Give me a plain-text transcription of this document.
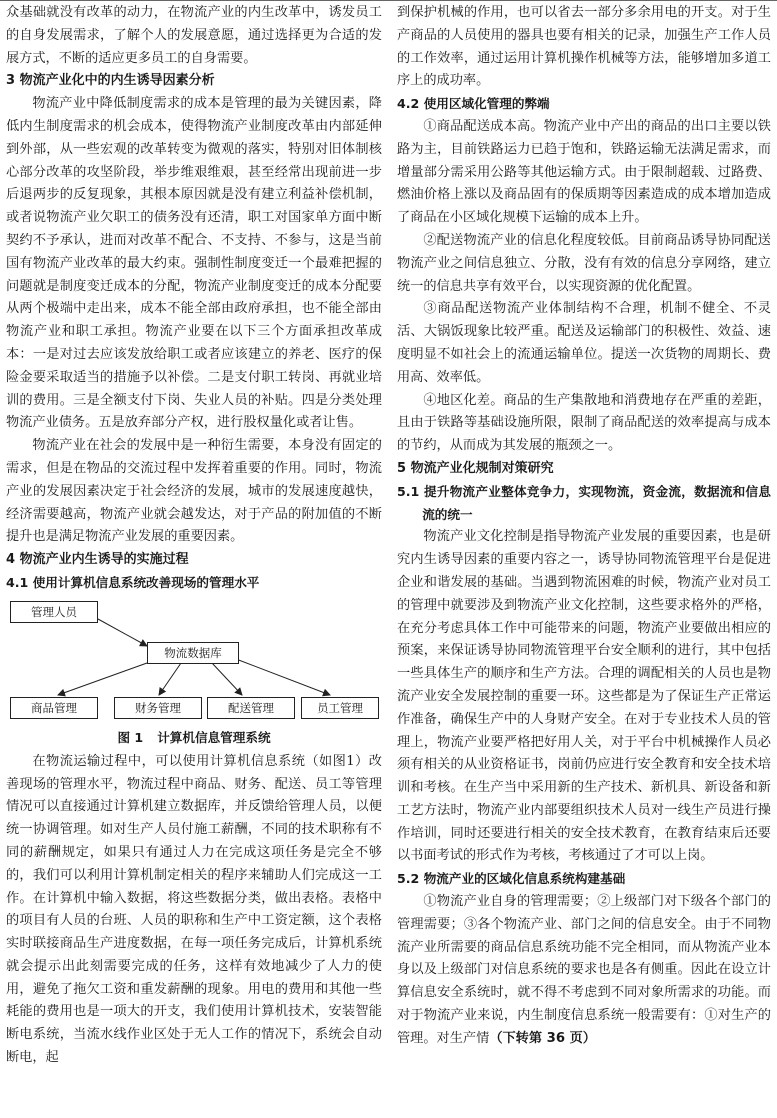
众基础就没有改革的动力，在物流产业的内生改革中，诱发员工的自身发展需求，了解个人的发展意愿，通过选择更为合适的发展方式，不断的适应更多员工的自身需要。

3 物流产业化中的内生诱导因素分析

物流产业中降低制度需求的成本是管理的最为关键因素，降低内生制度需求的机会成本，使得物流产业制度改革由内部延伸到外部，从一些宏观的改革转变为微观的落实，特别对旧体制核心部分改革的攻坚阶段，举步维艰维艰，甚至经常出现前进一步后退两步的反复现象，其根本原因就是没有建立利益补偿机制，或者说物流产业欠职工的债务没有还清，职工对国家单方面中断契约不予承认，进而对改革不配合、不支持、不参与，这是当前国有物流产业改革的最大约束。强制性制度变迁一个最难把握的问题就是制度变迁成本的分配，物流产业制度变迁的成本分配要从两个极端中走出来，成本不能全部由政府承担，也不能全部由物流产业和职工承担。物流产业要在以下三个方面承担改革成本：一是对过去应该发放给职工或者应该建立的养老、医疗的保险金要采取适当的措施予以补偿。二是支付职工转岗、再就业培训的费用。三是全额支付下岗、失业人员的补贴。四是分类处理物流产业债务。五是放弃部分产权，进行股权量化或者让售。

物流产业在社会的发展中是一种衍生需要，本身没有固定的需求，但是在物品的交流过程中发挥着重要的作用。同时，物流产业的发展因素决定于社会经济的发展，城市的发展速度越快，经济需要越高，物流产业就会越发达，对于产品的附加值的不断提升也是满足物流产业发展的重要因素。

4 物流产业内生诱导的实施过程

4.1 使用计算机信息系统改善现场的管理水平

管理人员
物流数据库
商品管理	财务管理	配送管理	员工管理

图 1 计算机信息管理系统

在物流运输过程中，可以使用计算机信息系统（如图1）改善现场的管理水平，物流过程中商品、财务、配送、员工等管理情况可以直接通过计算机建立数据库，并反馈给管理人员，以便统一协调管理。如对生产人员付施工薪酬，不同的技术职称有不同的薪酬规定，如果只有通过人力在完成这项任务是完全不够的，我们可以利用计算机制定相关的程序来辅助人们完成这一工作。在计算机中输入数据，将这些数据分类，做出表格。表格中的项目有人员的台班、人员的职称和生产中工资定额，这个表格实时联接商品生产进度数据，在每一项任务完成后，计算机系统就会提示出此刻需要完成的任务，这样有效地减少了人力的使用，避免了拖欠工资和重发薪酬的现象。用电的费用和其他一些耗能的费用也是一项大的开支，我们使用计算机技术，安装智能断电系统，当流水线作业区处于无人工作的情况下，系统会自动断电，起

到保护机械的作用，也可以省去一部分多余用电的开支。对于生产商品的人员使用的器具也要有相关的记录，加强生产工作人员的工作效率，通过运用计算机操作机械等方法，能够增加多道工序上的成功率。

4.2 使用区域化管理的弊端

①商品配送成本高。物流产业中产出的商品的出口主要以铁路为主，目前铁路运力已趋于饱和，铁路运输无法满足需求，而增量部分需采用公路等其他运输方式。由于限制超载、过路费、燃油价格上涨以及商品固有的保质期等因素造成的成本增加造成了商品在小区域化规模下运输的成本上升。

②配送物流产业的信息化程度较低。目前商品诱导协同配送物流产业之间信息独立、分散，没有有效的信息分享网络，建立统一的信息共享有效平台，以实现资源的优化配置。

③商品配送物流产业体制结构不合理，机制不健全、不灵活、大锅饭现象比较严重。配送及运输部门的积极性、效益、速度明显不如社会上的流通运输单位。提送一次货物的周期长、费用高、效率低。

④地区化差。商品的生产集散地和消费地存在严重的差距，且由于铁路等基础设施所限，限制了商品配送的效率提高与成本的节约，从而成为其发展的瓶颈之一。

5 物流产业化规制对策研究

5.1 提升物流产业整体竞争力，实现物流，资金流，数据流和信息流的统一

物流产业文化控制是指导物流产业发展的重要因素，也是研究内生诱导因素的重要内容之一，诱导协同物流管理平台是促进企业和谐发展的基础。当遇到物流困难的时候，物流产业对员工的管理中就要涉及到物流产业文化控制，这些要求格外的严格，在充分考虑具体工作中可能带来的问题，物流产业要做出相应的预案，来保证诱导协同物流管理平台安全顺利的进行，其中包括一些具体生产的顺序和生产方法。合理的调配相关的人员也是物流产业安全发展控制的重要一环。这些都是为了保证生产正常运作准备，确保生产中的人身财产安全。在对于专业技术人员的管理上，物流产业要严格把好用人关，对于平台中机械操作人员必须有相关的从业资格证书，岗前仍应进行安全教育和安全技术培训和考核。在生产当中采用新的生产技术、新机具、新设备和新工艺方法时，物流产业内部要组织技术人员对一线生产员进行操作培训，同时还要进行相关的安全技术教育，在教育结束后还要以书面考试的形式作为考核，考核通过了才可以上岗。

5.2 物流产业的区域化信息系统构建基础

①物流产业自身的管理需要；②上级部门对下级各个部门的管理需要；③各个物流产业、部门之间的信息安全。由于不同物流产业所需要的商品信息系统功能不完全相同，而从物流产业本身以及上级部门对信息系统的要求也是各有侧重。因此在设立计算信息安全系统时，就不得不考虑到不同对象所需求的功能。而对于物流产业来说，内生制度信息系统一般需要有：①对生产的管理。对生产情（下转第 36 页）
